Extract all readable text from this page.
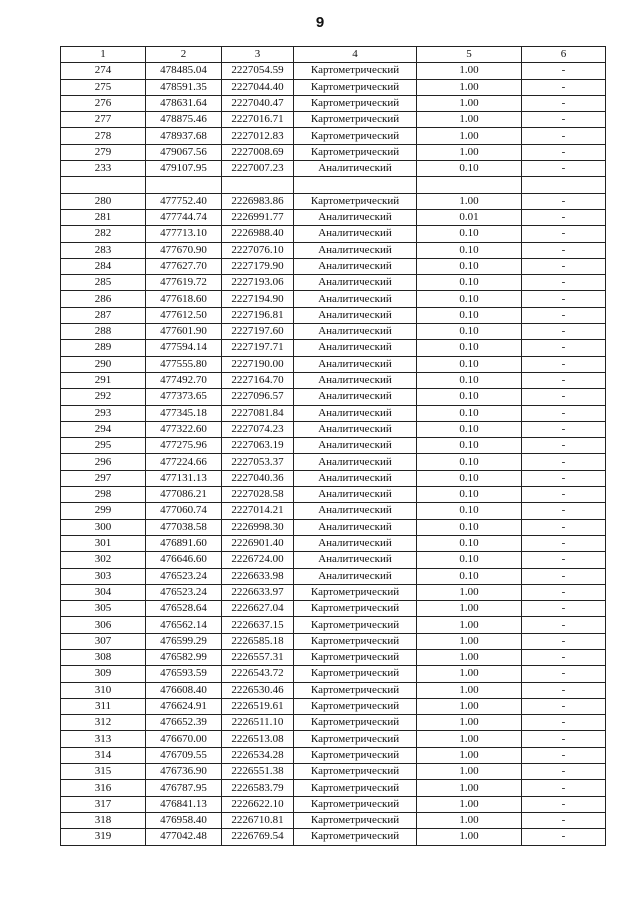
9
1	2	3	4	5	6
274	478485.04	2227054.59	Картометрический	1.00	-
275	478591.35	2227044.40	Картометрический	1.00	-
276	478631.64	2227040.47	Картометрический	1.00	-
277	478875.46	2227016.71	Картометрический	1.00	-
278	478937.68	2227012.83	Картометрический	1.00	-
279	479067.56	2227008.69	Картометрический	1.00	-
233	479107.95	2227007.23	Аналитический	0.10	-

280	477752.40	2226983.86	Картометрический	1.00	-
281	477744.74	2226991.77	Аналитический	0.01	-
282	477713.10	2226988.40	Аналитический	0.10	-
283	477670.90	2227076.10	Аналитический	0.10	-
284	477627.70	2227179.90	Аналитический	0.10	-
285	477619.72	2227193.06	Аналитический	0.10	-
286	477618.60	2227194.90	Аналитический	0.10	-
287	477612.50	2227196.81	Аналитический	0.10	-
288	477601.90	2227197.60	Аналитический	0.10	-
289	477594.14	2227197.71	Аналитический	0.10	-
290	477555.80	2227190.00	Аналитический	0.10	-
291	477492.70	2227164.70	Аналитический	0.10	-
292	477373.65	2227096.57	Аналитический	0.10	-
293	477345.18	2227081.84	Аналитический	0.10	-
294	477322.60	2227074.23	Аналитический	0.10	-
295	477275.96	2227063.19	Аналитический	0.10	-
296	477224.66	2227053.37	Аналитический	0.10	-
297	477131.13	2227040.36	Аналитический	0.10	-
298	477086.21	2227028.58	Аналитический	0.10	-
299	477060.74	2227014.21	Аналитический	0.10	-
300	477038.58	2226998.30	Аналитический	0.10	-
301	476891.60	2226901.40	Аналитический	0.10	-
302	476646.60	2226724.00	Аналитический	0.10	-
303	476523.24	2226633.98	Аналитический	0.10	-
304	476523.24	2226633.97	Картометрический	1.00	-
305	476528.64	2226627.04	Картометрический	1.00	-
306	476562.14	2226637.15	Картометрический	1.00	-
307	476599.29	2226585.18	Картометрический	1.00	-
308	476582.99	2226557.31	Картометрический	1.00	-
309	476593.59	2226543.72	Картометрический	1.00	-
310	476608.40	2226530.46	Картометрический	1.00	-
311	476624.91	2226519.61	Картометрический	1.00	-
312	476652.39	2226511.10	Картометрический	1.00	-
313	476670.00	2226513.08	Картометрический	1.00	-
314	476709.55	2226534.28	Картометрический	1.00	-
315	476736.90	2226551.38	Картометрический	1.00	-
316	476787.95	2226583.79	Картометрический	1.00	-
317	476841.13	2226622.10	Картометрический	1.00	-
318	476958.40	2226710.81	Картометрический	1.00	-
319	477042.48	2226769.54	Картометрический	1.00	-
